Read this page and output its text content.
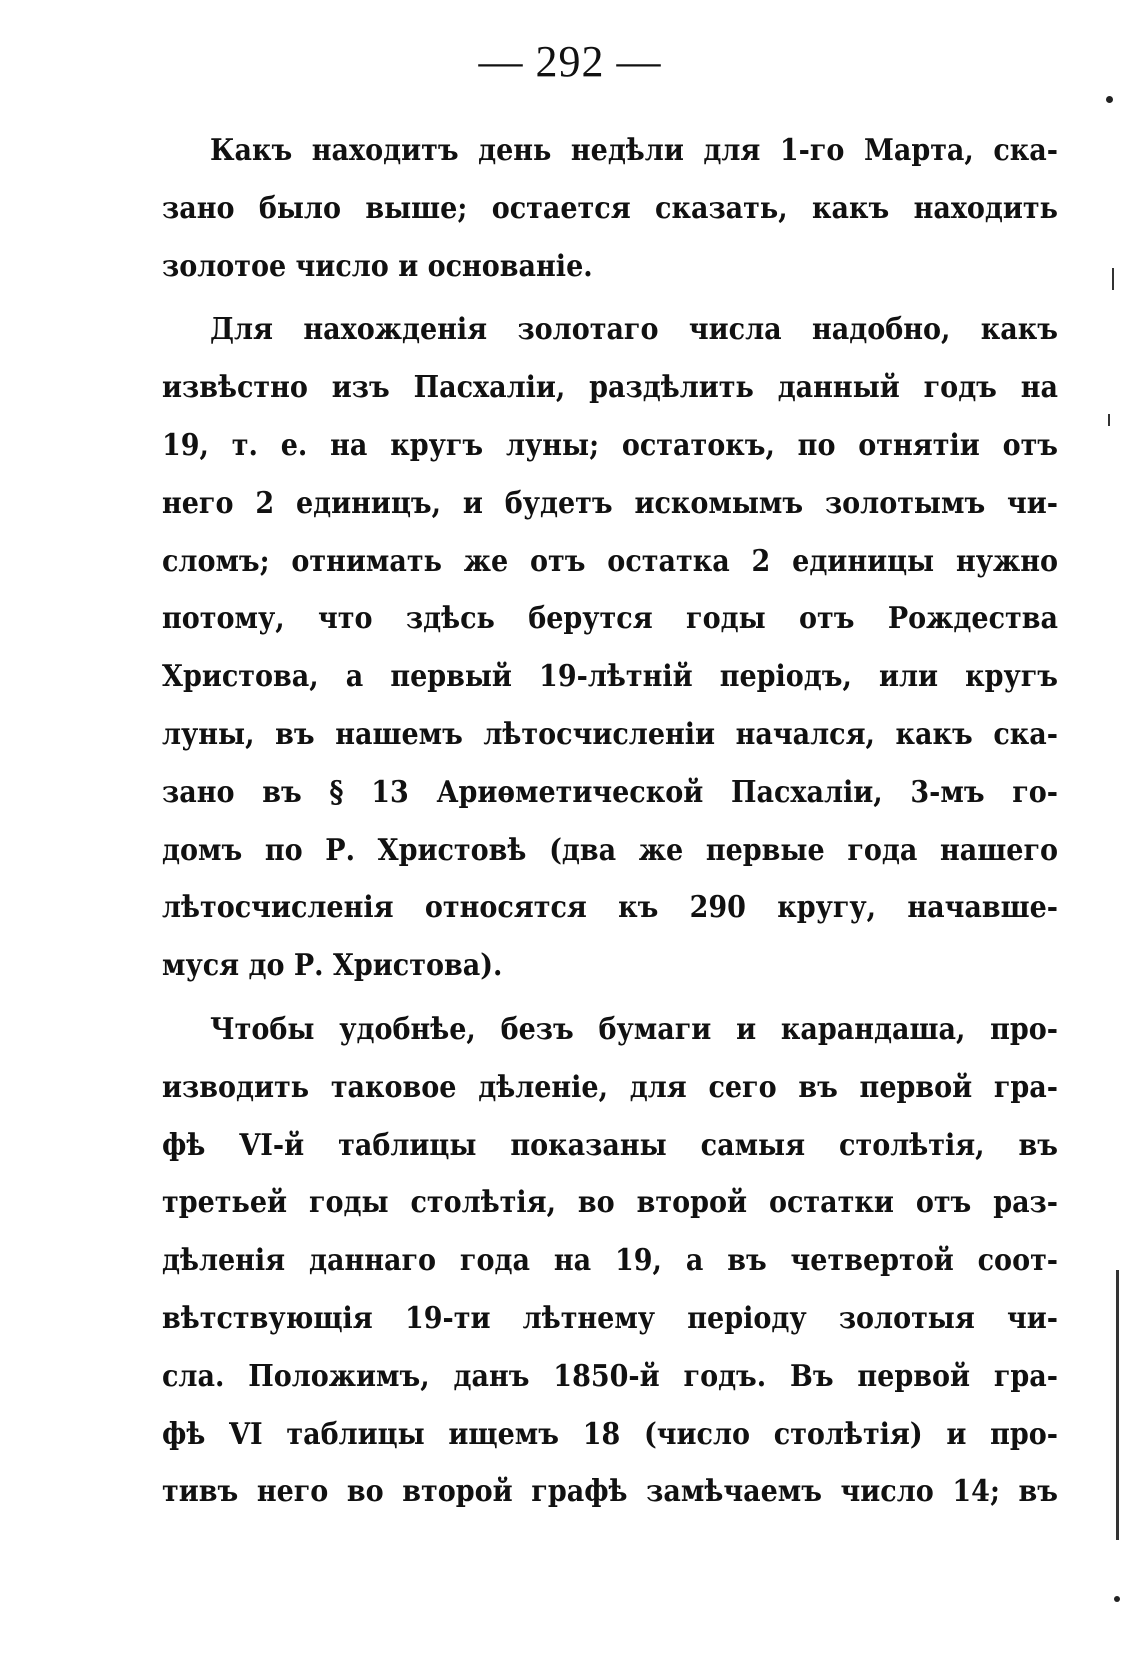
— 292 —
Какъ находитъ день недѣли для 1-го Марта, ска-
зано было выше; остается сказать, какъ находить
золотое число и основаніе.
Для нахожденія золотаго числа надобно, какъ
извѣстно изъ Пасхаліи, раздѣлить данный годъ на
19, т. е. на кругъ луны; остатокъ, по отнятіи отъ
него 2 единицъ, и будетъ искомымъ золотымъ чи-
сломъ; отнимать же отъ остатка 2 единицы нужно
потому, что здѣсь берутся годы отъ Рождества
Христова, а первый 19-лѣтній періодъ, или кругъ
луны, въ нашемъ лѣтосчисленіи начался, какъ ска-
зано въ § 13 Ариѳметической Пасхаліи, 3-мъ го-
домъ по Р. Христовѣ (два же первые года нашего
лѣтосчисленія относятся къ 290 кругу, начавше-
муся до Р. Христова).
Чтобы удобнѣе, безъ бумаги и карандаша, про-
изводить таковое дѣленіе, для сего въ первой гра-
фѣ VI-й таблицы показаны самыя столѣтія, въ
третьей годы столѣтія, во второй остатки отъ раз-
дѣленія даннаго года на 19, а въ четвертой соот-
вѣтствующія 19-ти лѣтнему періоду золотыя чи-
сла. Положимъ, данъ 1850-й годъ. Въ первой гра-
фѣ VI таблицы ищемъ 18 (число столѣтія) и про-
тивъ него во второй графѣ замѣчаемъ число 14; въ
